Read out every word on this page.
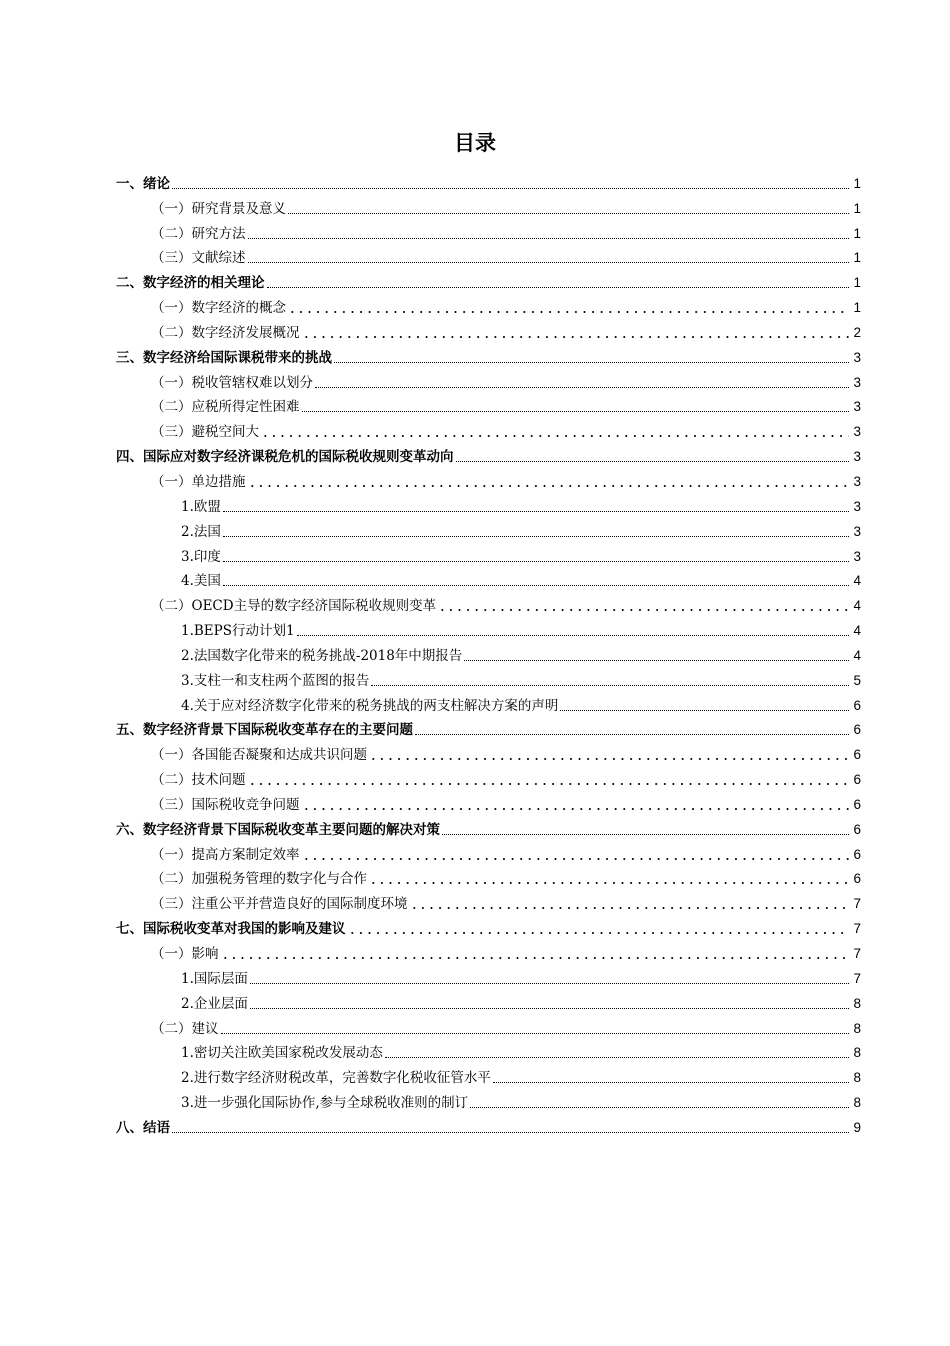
目录
一、绪论	1
（一）研究背景及意义	1
（二）研究方法	1
（三）文献综述	1
二、数字经济的相关理论	1
（一）数字经济的概念	1
（二）数字经济发展概况	2
三、数字经济给国际课税带来的挑战	3
（一）税收管辖权难以划分	3
（二）应税所得定性困难	3
（三）避税空间大	3
四、国际应对数字经济课税危机的国际税收规则变革动向	3
（一）单边措施	3
1.欧盟	3
2.法国	3
3.印度	3
4.美国	4
（二）OECD主导的数字经济国际税收规则变革	4
1.BEPS行动计划1	4
2.法国数字化带来的税务挑战-2018年中期报告	4
3.支柱一和支柱两个蓝图的报告	5
4.关于应对经济数字化带来的税务挑战的两支柱解决方案的声明	6
五、数字经济背景下国际税收变革存在的主要问题	6
（一）各国能否凝聚和达成共识问题	6
（二）技术问题	6
（三）国际税收竞争问题	6
六、数字经济背景下国际税收变革主要问题的解决对策	6
（一）提高方案制定效率	6
（二）加强税务管理的数字化与合作	6
（三）注重公平并营造良好的国际制度环境	7
七、国际税收变革对我国的影响及建议	7
（一）影响	7
1.国际层面	7
2.企业层面	8
（二）建议	8
1.密切关注欧美国家税改发展动态	8
2.进行数字经济财税改革，完善数字化税收征管水平	8
3.进一步强化国际协作,参与全球税收准则的制订	8
八、结语	9
